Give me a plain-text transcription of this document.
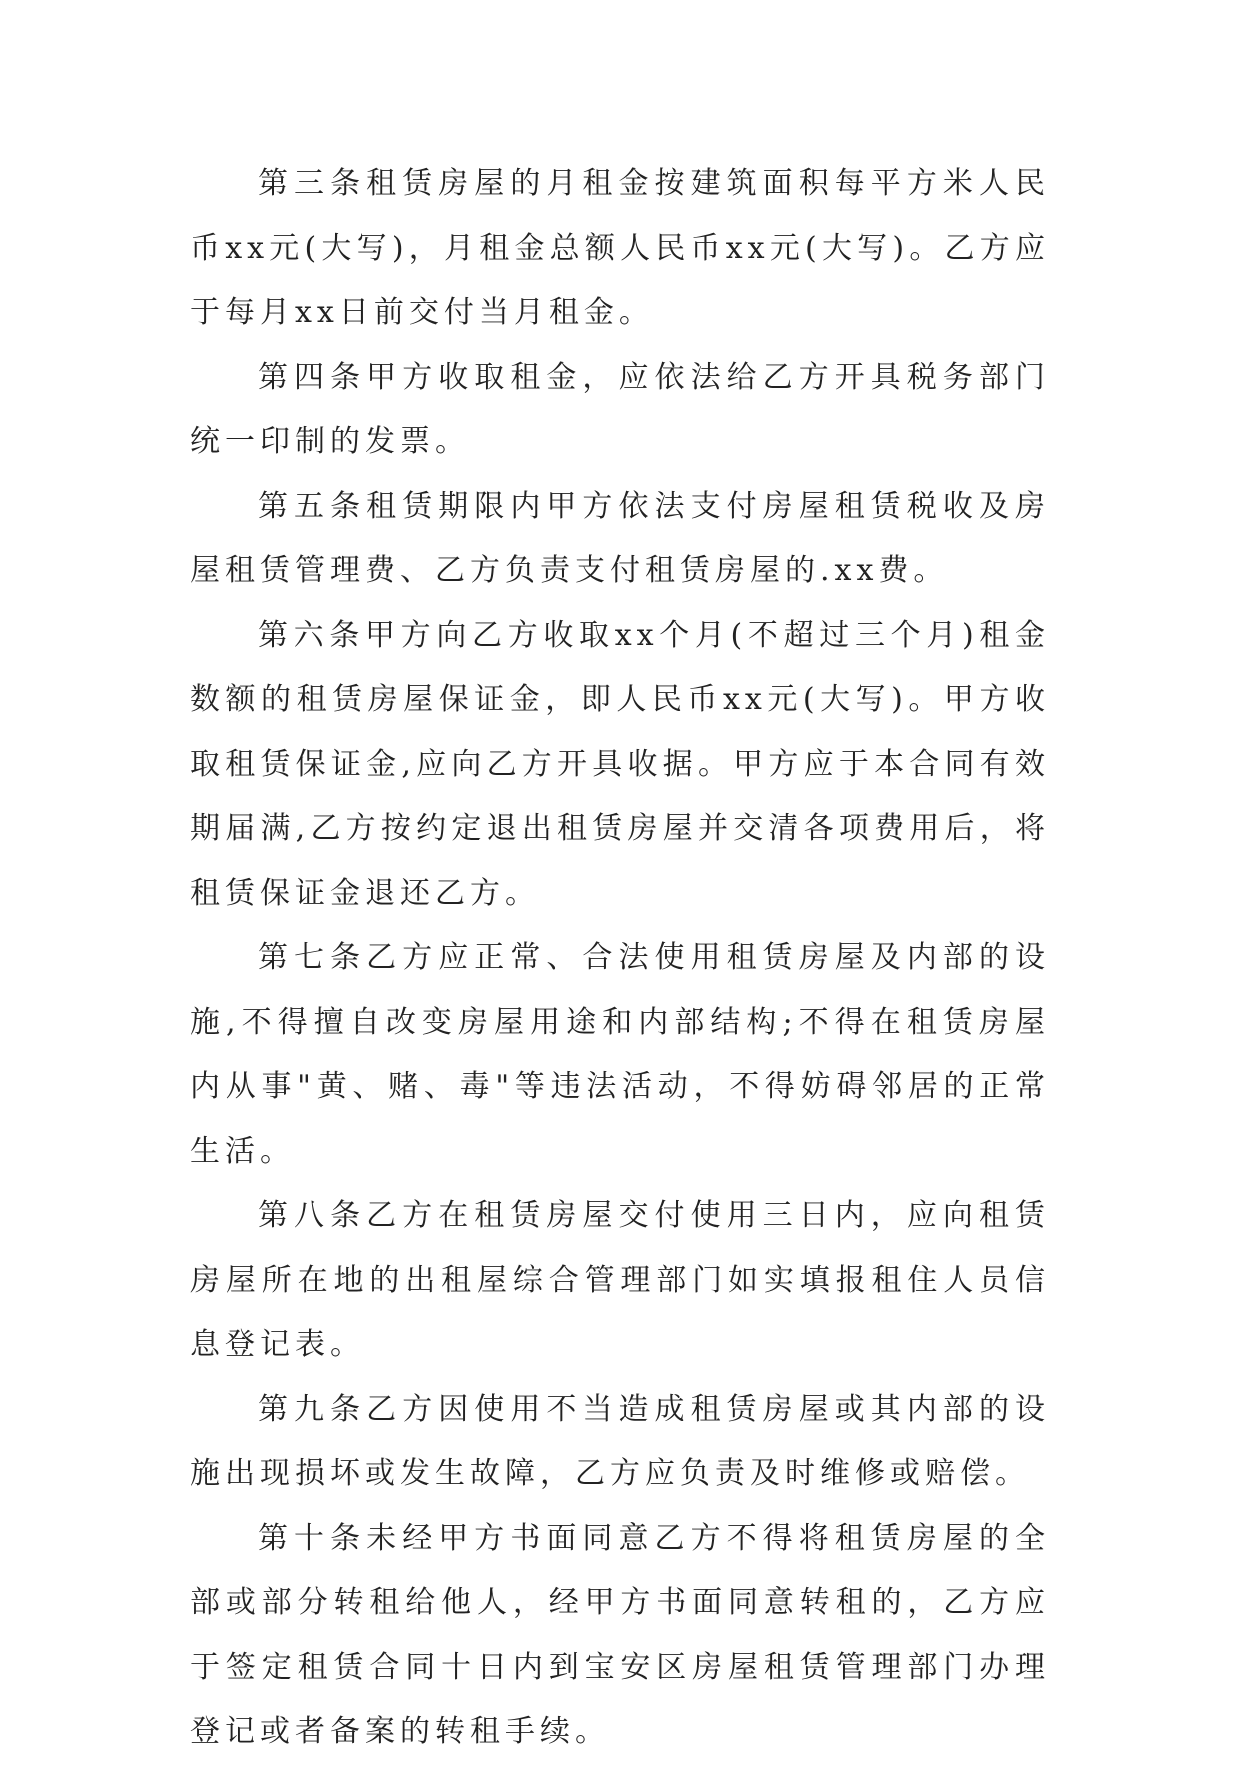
第三条租赁房屋的月租金按建筑面积每平方米人民币xx元(大写)，月租金总额人民币xx元(大写)。乙方应于每月xx日前交付当月租金。

第四条甲方收取租金，应依法给乙方开具税务部门统一印制的发票。

第五条租赁期限内甲方依法支付房屋租赁税收及房屋租赁管理费、乙方负责支付租赁房屋的.xx费。

第六条甲方向乙方收取xx个月(不超过三个月)租金数额的租赁房屋保证金，即人民币xx元(大写)。甲方收取租赁保证金,应向乙方开具收据。甲方应于本合同有效期届满,乙方按约定退出租赁房屋并交清各项费用后，将租赁保证金退还乙方。

第七条乙方应正常、合法使用租赁房屋及内部的设施,不得擅自改变房屋用途和内部结构;不得在租赁房屋内从事"黄、赌、毒"等违法活动，不得妨碍邻居的正常生活。

第八条乙方在租赁房屋交付使用三日内，应向租赁房屋所在地的出租屋综合管理部门如实填报租住人员信息登记表。

第九条乙方因使用不当造成租赁房屋或其内部的设施出现损坏或发生故障，乙方应负责及时维修或赔偿。

第十条未经甲方书面同意乙方不得将租赁房屋的全部或部分转租给他人，经甲方书面同意转租的，乙方应于签定租赁合同十日内到宝安区房屋租赁管理部门办理登记或者备案的转租手续。
